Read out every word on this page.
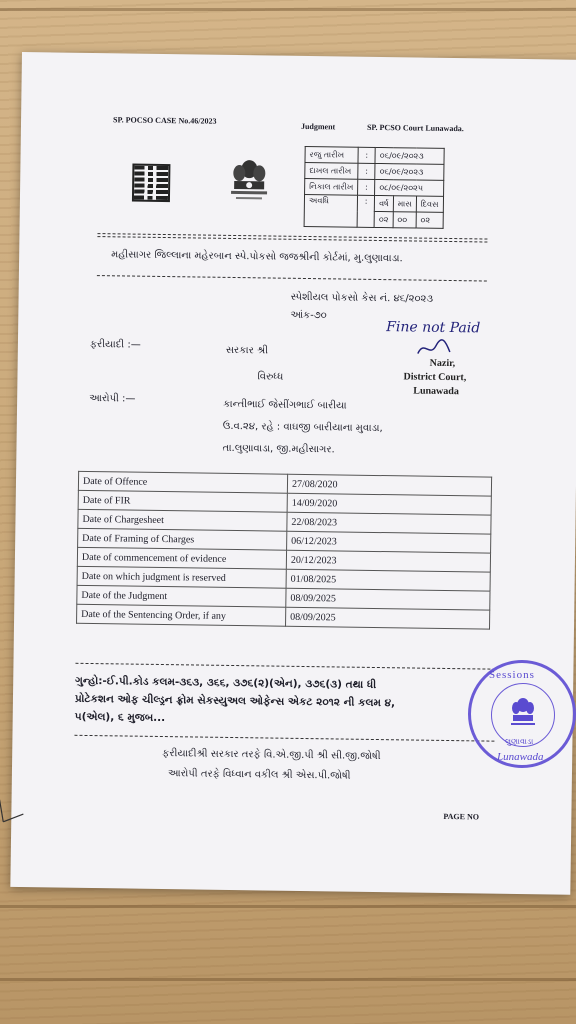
SP. POCSO CASE No.46/2023
Judgment	SP. PCSO Court Lunawada.
રજુ તારીખ	:	૦૬/૦૯/૨૦૨૩		
દાખલ તારીખ	:	૦૬/૦૯/૨૦૨૩		
નિકાલ તારીખ	:	૦૮/૦૯/૨૦૨૫		
અવધિ	:	વર્ષ	માસ	દિવસ
		૦૨	૦૦	૦૨
મહીસાગર જિલ્લાના મહેરબાન સ્પે.પોકસો જજશ્રીની કોર્ટમાં, મુ.લુણાવાડા.
સ્પેશીયલ પોકસો કેસ નં. ૪૬/૨૦૨૩
આંક-૭૦
Fine not Paid
Nazir,
District Court,
Lunawada
ફરીયાદી :—	સરકાર શ્રી
વિરુધ્ધ
આરોપી :—
કાન્તીભાઈ જેસીંગભાઈ બારીયા
ઉ.વ.૨૪, રહે : વાઘજી બારીયાના મુવાડા,
તા.લુણાવાડા, જી.મહીસાગર.
Date of Offence	27/08/2020
Date of FIR	14/09/2020
Date of Chargesheet	22/08/2023
Date of Framing of Charges	06/12/2023
Date of commencement of evidence	20/12/2023
Date on which judgment is reserved	01/08/2025
Date of the Judgment	08/09/2025
Date of the Sentencing Order, if any	08/09/2025
ગુન્હો:-ઈ.પી.કોડ કલમ-૩૬૩, ૩૬૬, ૩૭૬(૨)(એન), ૩૭૬(૩) તથા ધી
પ્રોટેકશન ઓફ ચીલ્ડ્રન ફ્રોમ સેકસ્યુઅલ ઓફેન્સ એકટ ૨૦૧૨ ની કલમ ૪,
૫(એલ), ૬ મુજબ...
ફરીયાદીશ્રી સરકાર તરફે વિ.એ.જી.પી શ્રી સી.જી.જોષી
આરોપી તરફે વિધ્વાન વકીલ શ્રી એસ.પી.જોષી
PAGE NO
Sessions
લુણાવાડા
Lunawada
